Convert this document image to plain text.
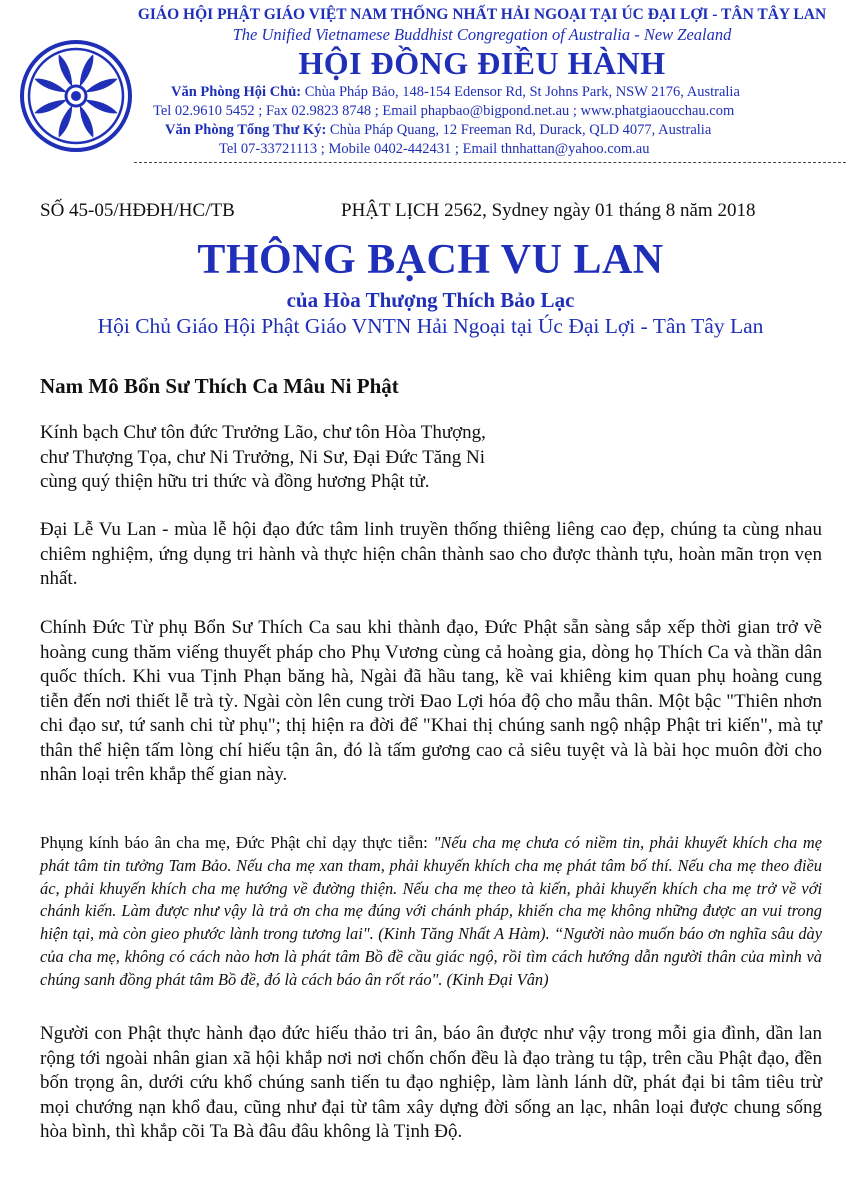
GIÁO HỘI PHẬT GIÁO VIỆT NAM THỐNG NHẤT HẢI NGOẠI TẠI ÚC ĐẠI LỢI - TÂN TÂY LAN
The Unified Vietnamese Buddhist Congregation of Australia - New Zealand
HỘI ĐỒNG ĐIỀU HÀNH
Văn Phòng Hội Chủ: Chùa Pháp Bảo, 148-154 Edensor Rd, St Johns Park, NSW 2176, Australia
Tel 02.9610 5452 ; Fax 02.9823 8748 ; Email phapbao@bigpond.net.au ; www.phatgiaoucchau.com
Văn Phòng Tổng Thư Ký: Chùa Pháp Quang, 12 Freeman Rd, Durack, QLD 4077, Australia
Tel 07-33721113 ; Mobile 0402-442431 ; Email thnhattan@yahoo.com.au
SỐ 45-05/HĐĐH/HC/TB	PHẬT LỊCH 2562, Sydney ngày 01 tháng 8 năm 2018
THÔNG BẠCH VU LAN
của Hòa Thượng Thích Bảo Lạc
Hội Chủ Giáo Hội Phật Giáo VNTN Hải Ngoại tại Úc Đại Lợi - Tân Tây Lan
Nam Mô Bổn Sư Thích Ca Mâu Ni Phật
Kính bạch Chư tôn đức Trưởng Lão, chư tôn Hòa Thượng,
chư Thượng Tọa, chư Ni Trưởng, Ni Sư, Đại Đức Tăng Ni
cùng quý thiện hữu tri thức và đồng hương Phật tử.

Đại Lễ Vu Lan - mùa lễ hội đạo đức tâm linh truyền thống thiêng liêng cao đẹp, chúng ta cùng nhau chiêm nghiệm, ứng dụng tri hành và thực hiện chân thành sao cho được thành tựu, hoàn mãn trọn vẹn nhất.

Chính Đức Từ phụ Bổn Sư Thích Ca sau khi thành đạo, Đức Phật sẵn sàng sắp xếp thời gian trở về hoàng cung thăm viếng thuyết pháp cho Phụ Vương cùng cả hoàng gia, dòng họ Thích Ca và thần dân quốc thích. Khi vua Tịnh Phạn băng hà, Ngài đã hầu tang, kề vai khiêng kim quan phụ hoàng cung tiễn đến nơi thiết lễ trà tỳ. Ngài còn lên cung trời Đao Lợi hóa độ cho mẫu thân. Một bậc "Thiên nhơn chi đạo sư, tứ sanh chi từ phụ"; thị hiện ra đời để "Khai thị chúng sanh ngộ nhập Phật tri kiến", mà tự thân thể hiện tấm lòng chí hiếu tận ân, đó là tấm gương cao cả siêu tuyệt và là bài học muôn đời cho nhân loại trên khắp thế gian này.

Phụng kính báo ân cha mẹ, Đức Phật chỉ dạy thực tiễn: "Nếu cha mẹ chưa có niềm tin, phải khuyết khích cha mẹ phát tâm tin tưởng Tam Bảo. Nếu cha mẹ xan tham, phải khuyến khích cha mẹ phát tâm bố thí. Nếu cha mẹ theo điều ác, phải khuyến khích cha mẹ hướng về đường thiện. Nếu cha mẹ theo tà kiến, phải khuyến khích cha mẹ trở về với chánh kiến. Làm được như vậy là trả ơn cha mẹ đúng với chánh pháp, khiến cha mẹ không những được an vui trong hiện tại, mà còn gieo phước lành trong tương lai". (Kinh Tăng Nhất A Hàm). “Người nào muốn báo ơn nghĩa sâu dày của cha mẹ, không có cách nào hơn là phát tâm Bồ đề cầu giác ngộ, rồi tìm cách hướng dẫn người thân của mình và chúng sanh đồng phát tâm Bồ đề, đó là cách báo ân rốt ráo". (Kinh Đại Vân)

Người con Phật thực hành đạo đức hiếu thảo tri ân, báo ân được như vậy trong mỗi gia đình, dần lan rộng tới ngoài nhân gian xã hội khắp nơi nơi chốn chốn đều là đạo tràng tu tập, trên cầu Phật đạo, đền bốn trọng ân, dưới cứu khổ chúng sanh tiến tu đạo nghiệp, làm lành lánh dữ, phát đại bi tâm tiêu trừ mọi chướng nạn khổ đau, cũng như đại từ tâm xây dựng đời sống an lạc, nhân loại được chung sống hòa bình, thì khắp cõi Ta Bà đâu đâu không là Tịnh Độ.
